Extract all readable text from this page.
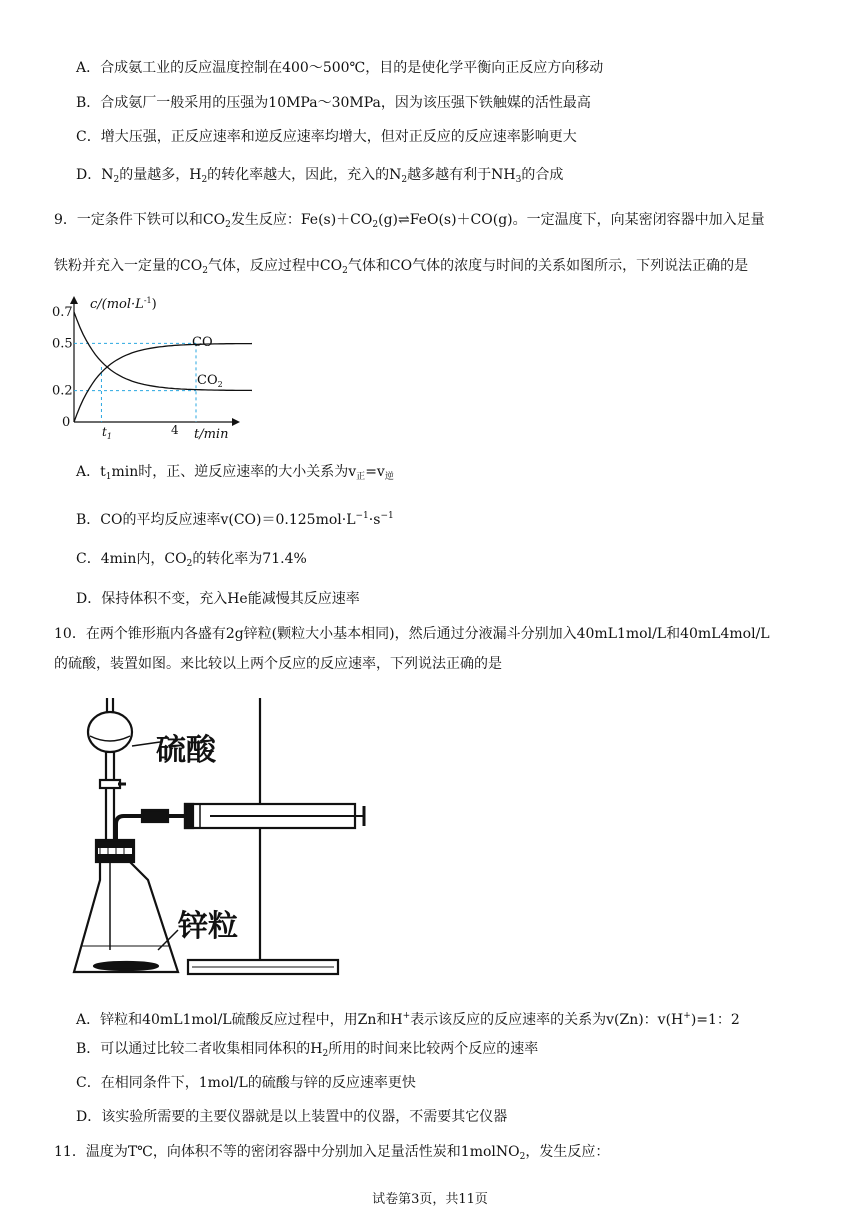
A．合成氨工业的反应温度控制在400～500℃，目的是使化学平衡向正反应方向移动
B．合成氨厂一般采用的压强为10MPa～30MPa，因为该压强下铁触媒的活性最高
C．增大压强，正反应速率和逆反应速率均增大，但对正反应的反应速率影响更大
D．$N_2$的量越多，$H_2$的转化率越大，因此，充入的$N_2$越多越有利于$NH_3$的合成
9．一定条件下铁可以和$CO_2$发生反应：$Fe(s)+CO_2(g)\rightleftharpoons FeO(s)+CO(g)$。一定温度下，向某密闭容器中加入足量
铁粉并充入一定量的$CO_2$气体，反应过程中$CO_2$气体和CO气体的浓度与时间的关系如图所示，下列说法正确的是
0.7
0.5
0.2
$c/(mol\cdot L^{-1})$
t/min
0
$t_1$	4
CO
$CO_2$
A．$t_1\min$时，正、逆反应速率的大小关系为$v_正=v_逆$
B．CO的平均反应速率$v(CO)=0.125mol\cdot L^{-1}\cdot s^{-1}$
C．4min内，$CO_2$的转化率为71.4%
D．保持体积不变，充入He能减慢其反应速率
10．在两个锥形瓶内各盛有2g锌粒(颗粒大小基本相同)，然后通过分液漏斗分别加入40mL1mol/L和40mL4mol/L
的硫酸，装置如图。来比较以上两个反应的反应速率，下列说法正确的是
硫酸
锌粒
A．锌粒和40mL1mol/L硫酸反应过程中，用Zn和H+表示该反应的反应速率的关系为v(Zn)：v(H+)=1：2
B．可以通过比较二者收集相同体积的$H_2$所用的时间来比较两个反应的速率
C．在相同条件下，1mol/L的硫酸与锌的反应速率更快
D．该实验所需要的主要仪器就是以上装置中的仪器，不需要其它仪器
11．温度为T℃，向体积不等的密闭容器中分别加入足量活性炭和1molNO$_2$，发生反应：
试卷第3页，共11页
